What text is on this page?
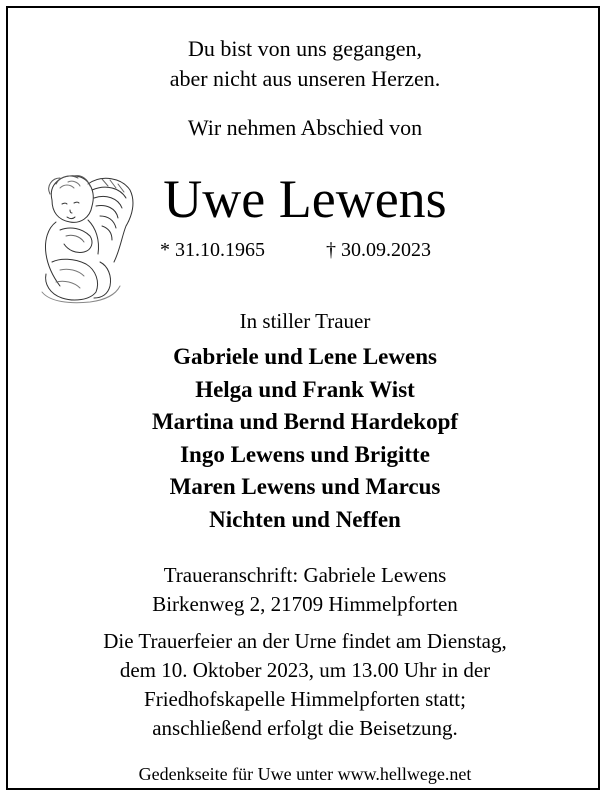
Du bist von uns gegangen,
aber nicht aus unseren Herzen.
Wir nehmen Abschied von
Uwe Lewens
* 31.10.1965	† 30.09.2023
In stiller Trauer
Gabriele und Lene Lewens
Helga und Frank Wist
Martina und Bernd Hardekopf
Ingo Lewens und Brigitte
Maren Lewens und Marcus
Nichten und Neffen
Traueranschrift: Gabriele Lewens
Birkenweg 2, 21709 Himmelpforten
Die Trauerfeier an der Urne findet am Dienstag,
dem 10. Oktober 2023, um 13.00 Uhr in der
Friedhofskapelle Himmelpforten statt;
anschließend erfolgt die Beisetzung.
Gedenkseite für Uwe unter www.hellwege.net
